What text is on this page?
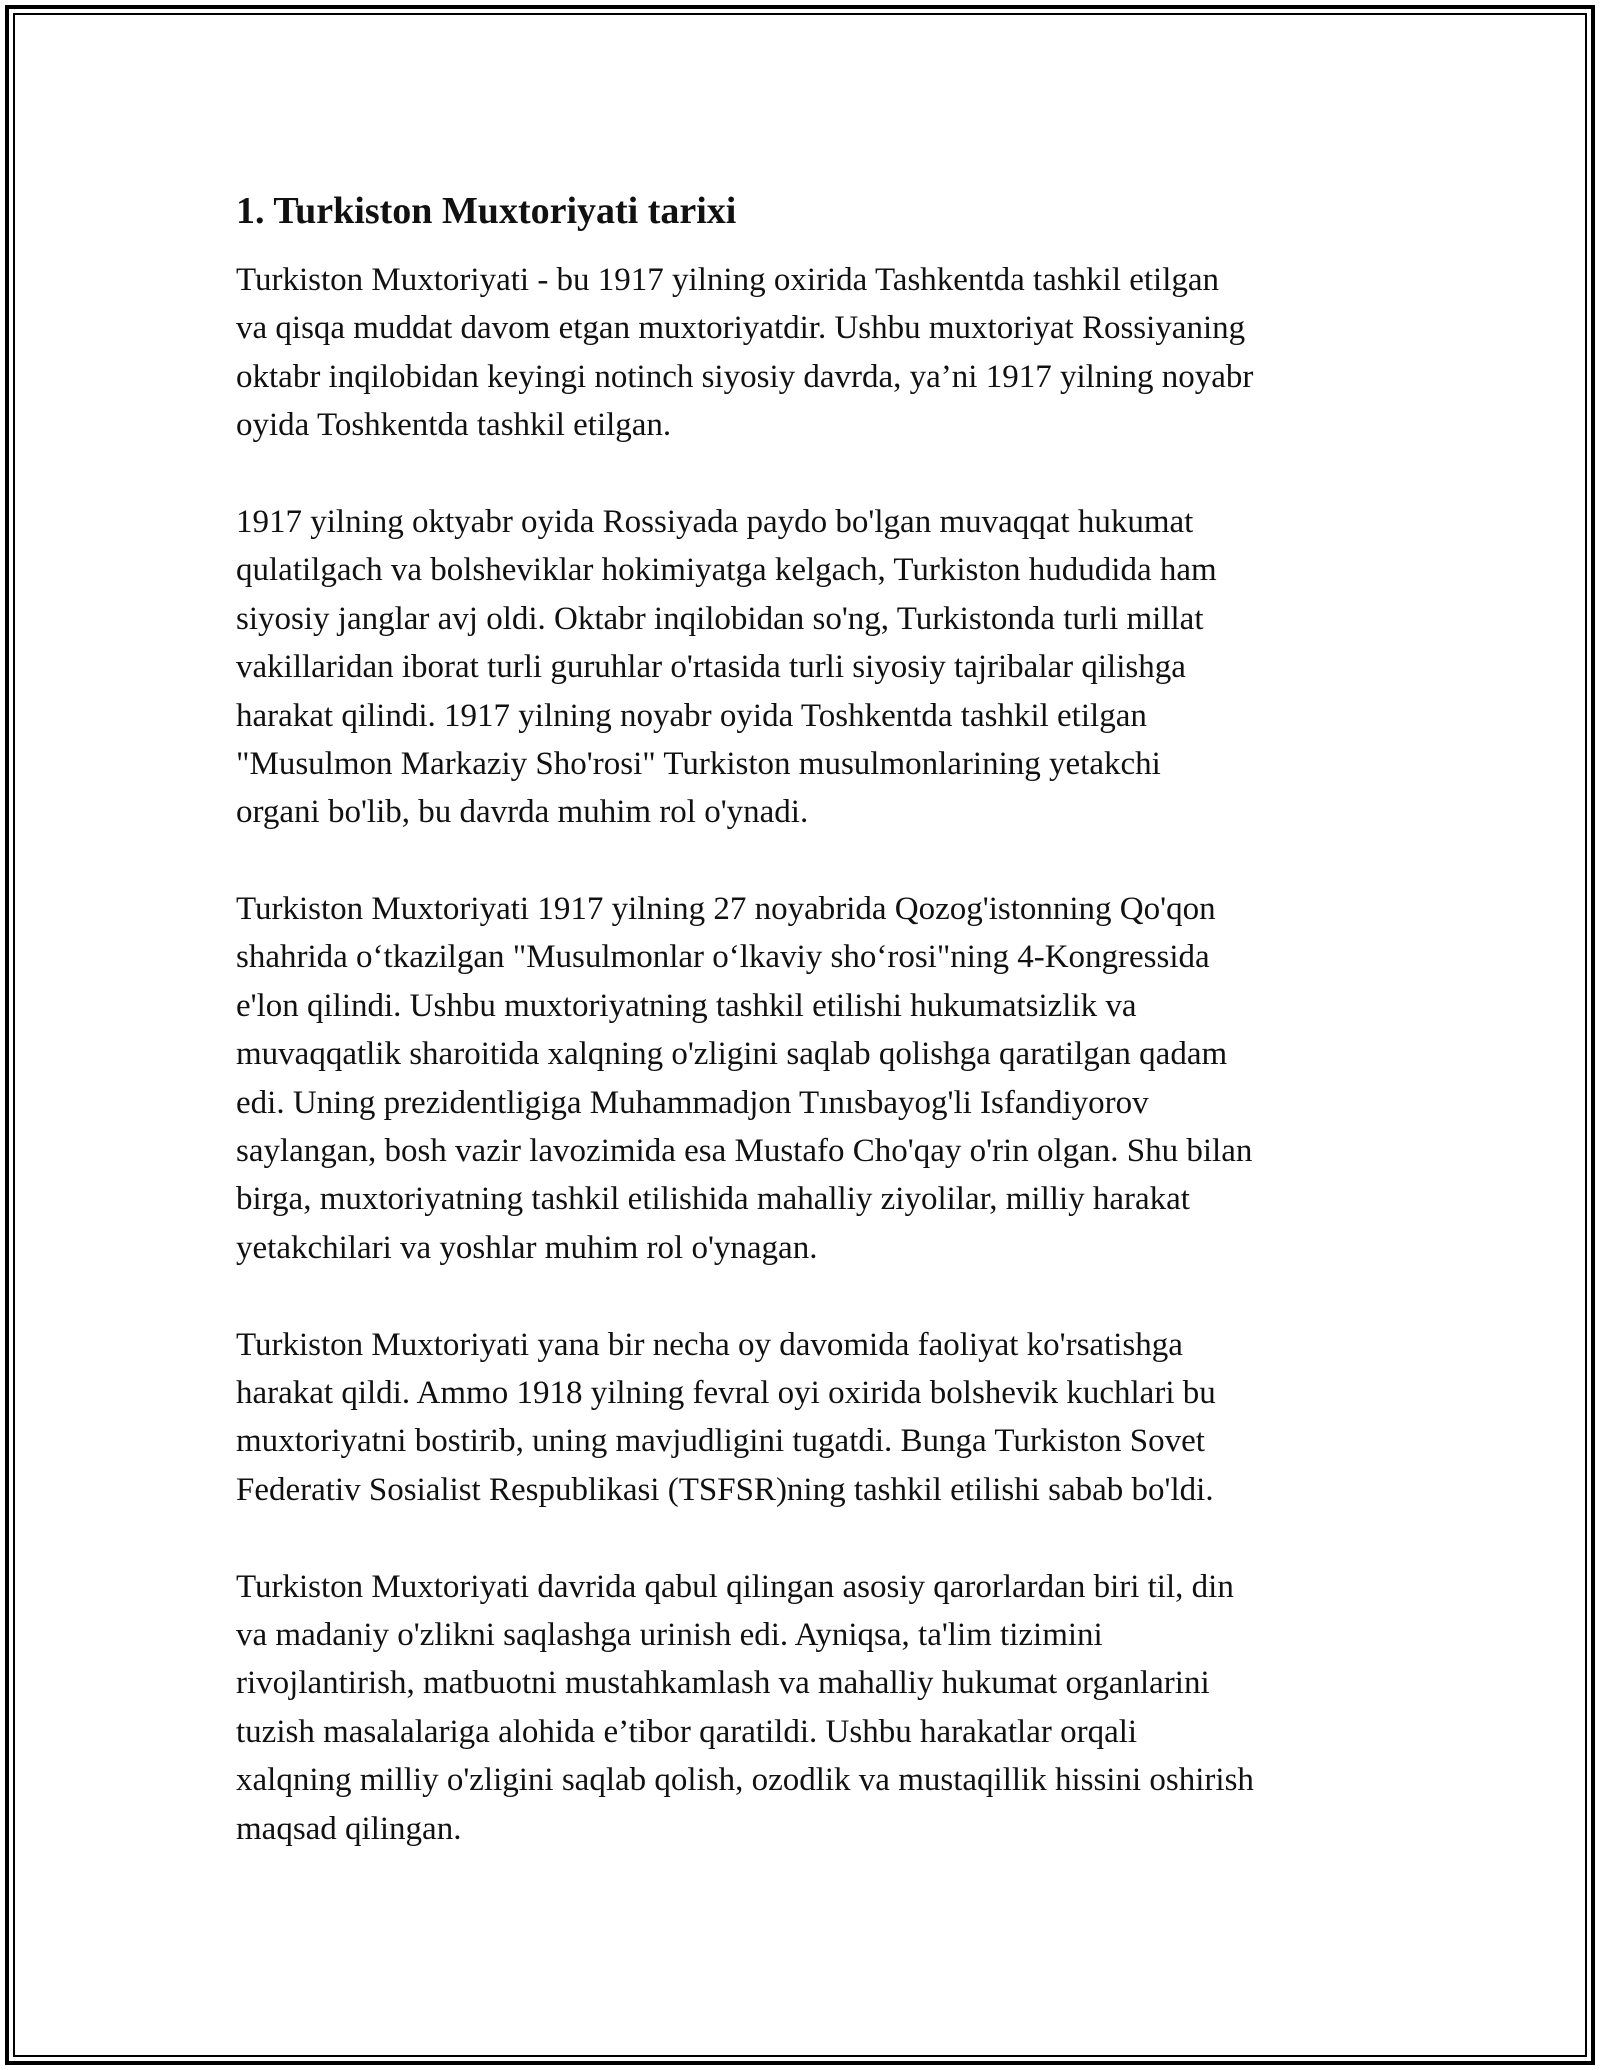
1. Turkiston Muxtoriyati tarixi
Turkiston Muxtoriyati - bu 1917 yilning oxirida Tashkentda tashkil etilgan
va qisqa muddat davom etgan muxtoriyatdir. Ushbu muxtoriyat Rossiyaning
oktabr inqilobidan keyingi notinch siyosiy davrda, ya’ni 1917 yilning noyabr
oyida Toshkentda tashkil etilgan.
1917 yilning oktyabr oyida Rossiyada paydo bo'lgan muvaqqat hukumat
qulatilgach va bolsheviklar hokimiyatga kelgach, Turkiston hududida ham
siyosiy janglar avj oldi. Oktabr inqilobidan so'ng, Turkistonda turli millat
vakillaridan iborat turli guruhlar o'rtasida turli siyosiy tajribalar qilishga
harakat qilindi. 1917 yilning noyabr oyida Toshkentda tashkil etilgan
"Musulmon Markaziy Sho'rosi" Turkiston musulmonlarining yetakchi
organi bo'lib, bu davrda muhim rol o'ynadi.
Turkiston Muxtoriyati 1917 yilning 27 noyabrida Qozog'istonning Qo'qon
shahrida o‘tkazilgan "Musulmonlar o‘lkaviy sho‘rosi"ning 4-Kongressida
e'lon qilindi. Ushbu muxtoriyatning tashkil etilishi hukumatsizlik va
muvaqqatlik sharoitida xalqning o'zligini saqlab qolishga qaratilgan qadam
edi. Uning prezidentligiga Muhammadjon Tınısbayog'li Isfandiyorov
saylangan, bosh vazir lavozimida esa Mustafo Cho'qay o'rin olgan. Shu bilan
birga, muxtoriyatning tashkil etilishida mahalliy ziyolilar, milliy harakat
yetakchilari va yoshlar muhim rol o'ynagan.
Turkiston Muxtoriyati yana bir necha oy davomida faoliyat ko'rsatishga
harakat qildi. Ammo 1918 yilning fevral oyi oxirida bolshevik kuchlari bu
muxtoriyatni bostirib, uning mavjudligini tugatdi. Bunga Turkiston Sovet
Federativ Sosialist Respublikasi (TSFSR)ning tashkil etilishi sabab bo'ldi.
Turkiston Muxtoriyati davrida qabul qilingan asosiy qarorlardan biri til, din
va madaniy o'zlikni saqlashga urinish edi. Ayniqsa, ta'lim tizimini
rivojlantirish, matbuotni mustahkamlash va mahalliy hukumat organlarini
tuzish masalalariga alohida e’tibor qaratildi. Ushbu harakatlar orqali
xalqning milliy o'zligini saqlab qolish, ozodlik va mustaqillik hissini oshirish
maqsad qilingan.
